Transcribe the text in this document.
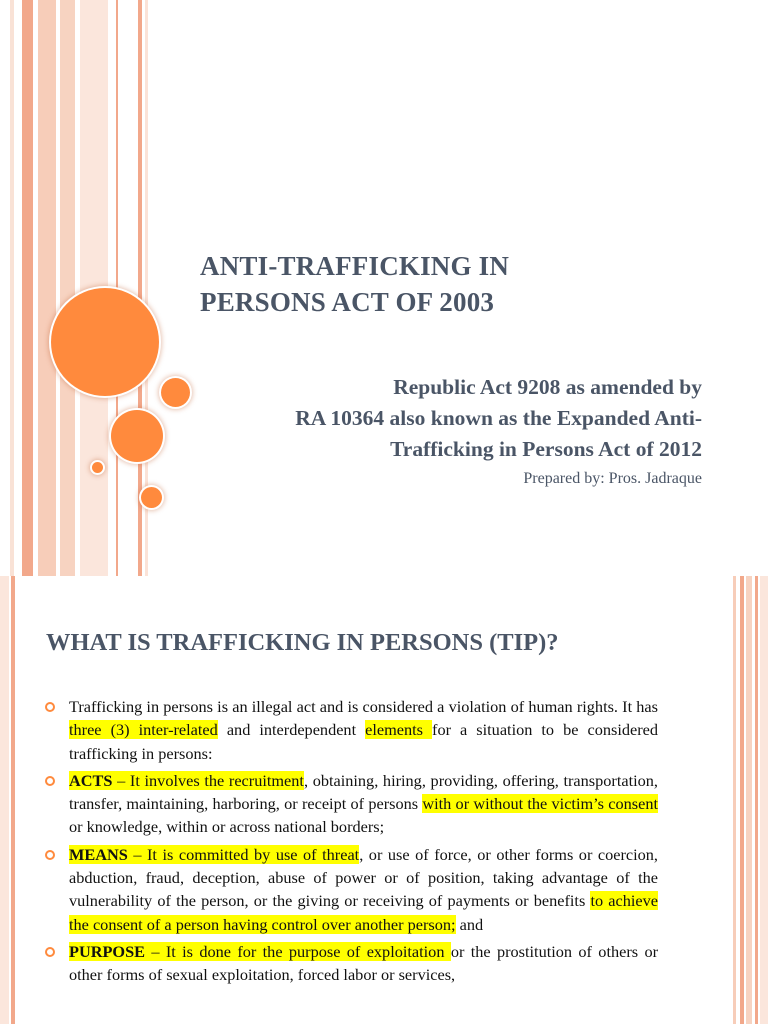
ANTI-TRAFFICKING IN
PERSONS ACT OF 2003
Republic Act 9208 as amended by
RA 10364 also known as the Expanded Anti-
Trafficking in Persons Act of 2012
Prepared by: Pros. Jadraque
WHAT IS TRAFFICKING IN PERSONS (TIP)?
Trafficking in persons is an illegal act and is considered a violation of human rights. It has three (3) inter-related and interdependent elements for a situation to be considered trafficking in persons:
ACTS – It involves the recruitment, obtaining, hiring, providing, offering, transportation, transfer, maintaining, harboring, or receipt of persons with or without the victim’s consent or knowledge, within or across national borders;
MEANS – It is committed by use of threat, or use of force, or other forms or coercion, abduction, fraud, deception, abuse of power or of position, taking advantage of the vulnerability of the person, or the giving or receiving of payments or benefits to achieve the consent of a person having control over another person; and
PURPOSE – It is done for the purpose of exploitation or the prostitution of others or other forms of sexual exploitation, forced labor or services,
